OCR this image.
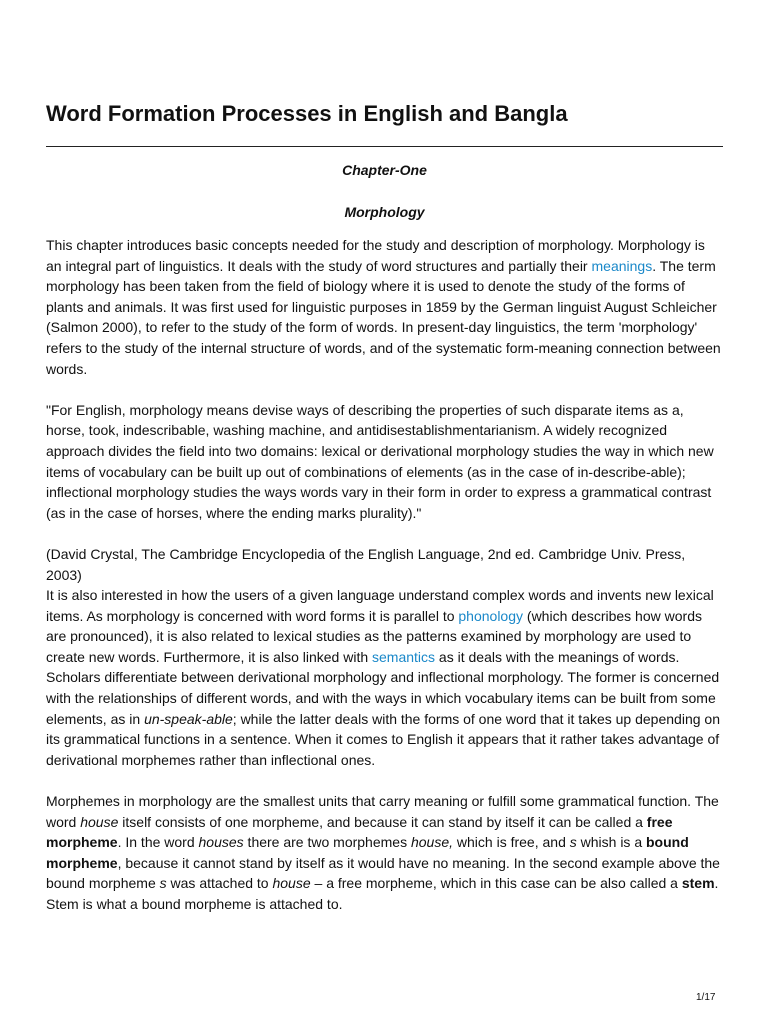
Word Formation Processes in English and Bangla
Chapter-One
Morphology

This chapter introduces basic concepts needed for the study and description of morphology. Morphology is an integral part of linguistics. It deals with the study of word structures and partially their meanings. The term morphology has been taken from the field of biology where it is used to denote the study of the forms of plants and animals. It was first used for linguistic purposes in 1859 by the German linguist August Schleicher (Salmon 2000), to refer to the study of the form of words. In present-day linguistics, the term 'morphology' refers to the study of the internal structure of words, and of the systematic form-meaning connection between words.

"For English, morphology means devise ways of describing the properties of such disparate items as a, horse, took, indescribable, washing machine, and antidisestablishmentarianism. A widely recognized approach divides the field into two domains: lexical or derivational morphology studies the way in which new items of vocabulary can be built up out of combinations of elements (as in the case of in-describe-able); inflectional morphology studies the ways words vary in their form in order to express a grammatical contrast (as in the case of horses, where the ending marks plurality)."

(David Crystal, The Cambridge Encyclopedia of the English Language, 2nd ed. Cambridge Univ. Press, 2003)

It is also interested in how the users of a given language understand complex words and invents new lexical items. As morphology is concerned with word forms it is parallel to phonology (which describes how words are pronounced), it is also related to lexical studies as the patterns examined by morphology are used to create new words. Furthermore, it is also linked with semantics as it deals with the meanings of words.

Scholars differentiate between derivational morphology and inflectional morphology. The former is concerned with the relationships of different words, and with the ways in which vocabulary items can be built from some elements, as in un-speak-able; while the latter deals with the forms of one word that it takes up depending on its grammatical functions in a sentence. When it comes to English it appears that it rather takes advantage of derivational morphemes rather than inflectional ones.

Morphemes in morphology are the smallest units that carry meaning or fulfill some grammatical function. The word house itself consists of one morpheme, and because it can stand by itself it can be called a free morpheme. In the word houses there are two morphemes house, which is free, and s whish is a bound morpheme, because it cannot stand by itself as it would have no meaning. In the second example above the bound morpheme s was attached to house – a free morpheme, which in this case can be also called a stem. Stem is what a bound morpheme is attached to.

1/17
